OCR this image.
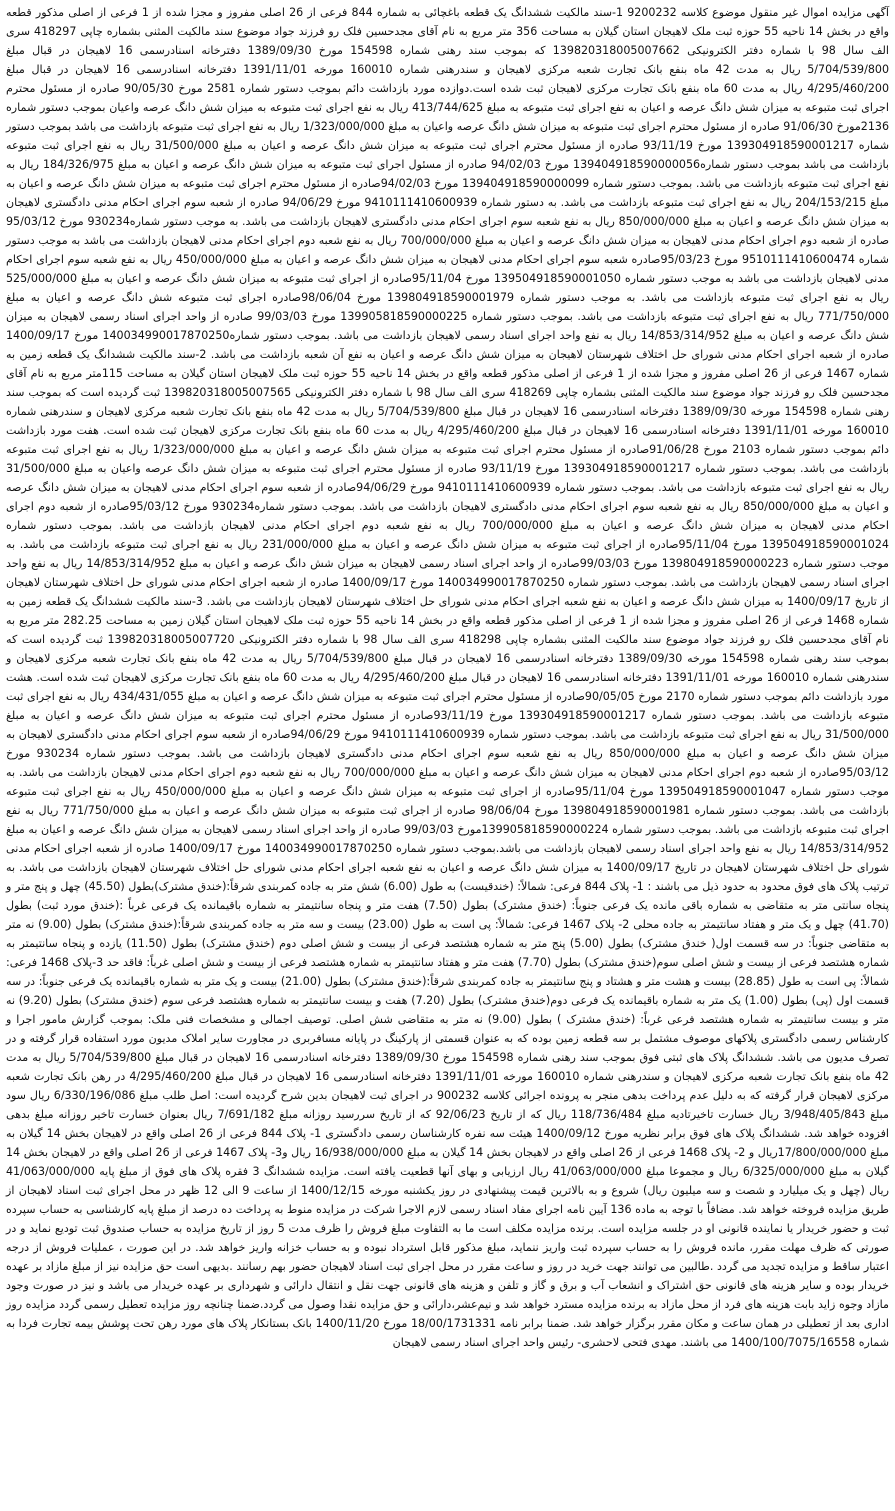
آگهی مزایده اموال غیر منقول موضوع کلاسه 9200232 1-سند مالکیت ششدانگ یک قطعه باغچائی به شماره 844 فرعی از 26 اصلی مفروز و مجزا شده از 1 فرعی از اصلی مذکور قطعه واقع در بخش 14 ناحیه 55 حوزه ثبت ملک لاهیجان استان گیلان به مساحت 356 متر مربع به نام آقای مجدحسین فلک رو فرزند جواد موضوع سند مالکیت المثنی بشماره چاپی 418297 سری الف سال 98 با شماره دفتر الکترونیکی 139820318005007662 که بموجب سند رهنی شماره 154598 مورخ 1389/09/30 دفترخانه اسنادرسمی 16 لاهیجان در قبال مبلغ 5/704/539/800 ریال به مدت 42 ماه بنفع بانک تجارت شعبه مرکزی لاهیجان و سندرهنی شماره 160010 مورخه 1391/11/01 دفترخانه اسنادرسمی 16 لاهیجان در قبال مبلغ 4/295/460/200 ریال به مدت 60 ماه بنفع بانک تجارت مرکزی لاهیجان ثبت شده است.دوازده مورد بازداشت دائم بموجب دستور شماره 2581 مورخ 90/05/30 صادره از مسئول محترم اجرای ثبت متبوعه به میزان شش دانگ عرصه و اعیان به نفع اجرای ثبت متبوعه به مبلغ 413/744/625 ریال به نفع اجرای ثبت متبوعه به میزان شش دانگ عرصه واعیان بموجب دستور شماره 2136مورخ 91/06/30 صادره از مسئول محترم اجرای ثبت متبوعه به میزان شش دانگ عرصه واعیان به مبلغ 1/323/000/000 ریال به نفع اجرای ثبت متبوعه بازداشت می باشد بموجب دستور شماره 139304918590001217 مورخ 93/11/19 صادره از مسئول محترم اجرای ثبت متبوعه به میزان شش دانگ عرصه و اعیان به مبلغ 31/500/000 ریال به نفع اجرای ثبت متبوعه بازداشت می باشد بموجب دستور شماره139404918590000056 مورخ 94/02/03 صادره از مسئول اجرای ثبت متبوعه به میزان شش دانگ عرصه و اعیان به مبلغ 184/326/975 ریال به نفع اجرای ثبت متبوعه بازداشت می باشد. بموجب دستور شماره 139404918590000099 مورخ 94/02/03صادره از مسئول محترم اجرای ثبت متبوعه به میزان شش دانگ عرصه و اعیان به مبلغ 204/153/215 ریال به نفع اجرای ثبت متبوعه بازداشت می باشد. به دستور شماره 9410111410600939 مورخ 94/06/29 صادره از شعبه سوم اجرای احکام مدنی دادگستری لاهیجان به میزان شش دانگ عرصه و اعیان به مبلغ 850/000/000 ریال به نفع شعبه سوم اجرای احکام مدنی دادگستری لاهیجان بازداشت می باشد. به موجب دستور شماره930234 مورخ 95/03/12 صادره از شعبه دوم اجرای احکام مدنی لاهیجان به میزان شش دانگ عرصه و اعیان به مبلغ 700/000/000 ریال به نفع شعبه دوم اجرای احکام مدنی لاهیجان بازداشت می باشد به موجب دستور شماره 9510111410600474 مورخ 95/03/23صادره شعبه سوم اجرای احکام مدنی لاهیجان به میزان شش دانگ عرصه و اعیان به مبلغ 450/000/000 ریال به نفع شعبه سوم اجرای احکام مدنی لاهیجان بازداشت می باشد به موجب دستور شماره 139504918590001050 مورخ 95/11/04صادره از اجرای ثبت متبوعه به میزان شش دانگ عرصه و اعیان به مبلغ 525/000/000 ریال به نفع اجرای ثبت متبوعه بازداشت می باشد. به موجب دستور شماره 139804918590001979 مورخ 98/06/04صادره اجرای ثبت متبوعه شش دانگ عرصه و اعیان به مبلغ 771/750/000 ریال به نفع اجرای ثبت متبوعه بازداشت می باشد. بموجب دستور شماره 139905818590000225 مورخ 99/03/03 صادره از واحد اجرای اسناد رسمی لاهیجان به میزان شش دانگ عرصه و اعیان به مبلغ 14/853/314/952 ریال به نفع واحد اجرای اسناد رسمی لاهیجان بازداشت می باشد. بموجب دستور شماره140034990017870250 مورخ 1400/09/17 صادره از شعبه اجرای احکام مدنی شورای حل اختلاف شهرستان لاهیجان به میزان شش دانگ عرصه و اعیان به نفع آن شعبه بازداشت می باشد. 2-سند مالکیت ششدانگ یک قطعه زمین به شماره 1467 فرعی از 26 اصلی مفروز و مجزا شده از 1 فرعی از اصلی مذکور قطعه واقع در بخش 14 ناحیه 55 حوزه ثبت ملک لاهیجان استان گیلان به مساحت 115متر مربع به نام آقای مجدحسین فلک رو فرزند جواد موضوع سند مالکیت المثنی بشماره چاپی 418269 سری الف سال 98 با شماره دفتر الکترونیکی 139820318005007565 ثبت گردیده است که بموجب سند رهنی شماره 154598 مورخه 1389/09/30 دفترخانه اسنادرسمی 16 لاهیجان در قبال مبلغ 5/704/539/800 ریال به مدت 42 ماه بنفع بانک تجارت شعبه مرکزی لاهیجان و سندرهنی شماره 160010 مورخه 1391/11/01 دفترخانه اسنادرسمی 16 لاهیجان در قبال مبلغ 4/295/460/200 ریال به مدت 60 ماه بنفع بانک تجارت مرکزی لاهیجان ثبت شده است. هفت مورد بازداشت دائم بموجب دستور شماره 2103 مورخ 91/06/28صادره از مسئول محترم اجرای ثبت متبوعه به میزان شش دانگ عرصه و اعیان به مبلغ 1/323/000/000 ریال به نفع اجرای ثبت متبوعه بازداشت می باشد. بموجب دستور شماره 139304918590001217 مورخ 93/11/19 صادره از مسئول محترم اجرای ثبت متبوعه به میزان شش دانگ عرصه واعیان به مبلغ 31/500/000 ریال به نفع اجرای ثبت متبوعه بازداشت می باشد. بموجب دستور شماره 9410111410600939 مورخ 94/06/29صادره از شعبه سوم اجرای احکام مدنی لاهیجان به میزان شش دانگ عرصه و اعیان به مبلغ 850/000/000 ریال به نفع شعبه سوم اجرای احکام مدنی دادگستری لاهیجان بازداشت می باشد. بموجب دستور شماره930234 مورخ 95/03/12صادره از شعبه دوم اجرای احکام مدنی لاهیجان به میزان شش دانگ عرصه و اعیان به مبلغ 700/000/000 ریال به نفع شعبه دوم اجرای احکام مدنی لاهیجان بازداشت می باشد. بموجب دستور شماره 139504918590001024 مورخ 95/11/04صادره از اجرای ثبت متبوعه به میزان شش دانگ عرصه و اعیان به مبلغ 231/000/000 ریال به نفع اجرای ثبت متبوعه بازداشت می باشد. به موجب دستور شماره 139804918590000223 مورخ 99/03/03صادره از واحد اجرای اسناد رسمی لاهیجان به میزان شش دانگ عرصه و اعیان به مبلغ 14/853/314/952 ریال به نفع واحد اجرای اسناد رسمی لاهیجان بازداشت می باشد. بموجب دستور شماره 140034990017870250 مورخ 1400/09/17 صادره از شعبه اجرای احکام مدنی شورای حل اختلاف شهرستان لاهیجان از تاریخ 1400/09/17 به میزان شش دانگ عرصه و اعیان به نفع شعبه اجرای احکام مدنی شورای حل اختلاف شهرستان لاهیجان بازداشت می باشد. 3-سند مالکیت ششدانگ یک قطعه زمین به شماره 1468 فرعی از 26 اصلی مفروز و مجزا شده از 1 فرعی از اصلی مذکور قطعه واقع در بخش 14 ناحیه 55 حوزه ثبت ملک لاهیجان استان گیلان زمین به مساحت 282.25 متر مربع به نام آقای مجدحسین فلک رو فرزند جواد موضوع سند مالکیت المثنی بشماره چاپی 418298 سری الف سال 98 با شماره دفتر الکترونیکی 139820318005007720 ثبت گردیده است که بموجب سند رهنی شماره 154598 مورخه 1389/09/30 دفترخانه اسنادرسمی 16 لاهیجان در قبال مبلغ 5/704/539/800 ریال به مدت 42 ماه بنفع بانک تجارت شعبه مرکزی لاهیجان و سندرهنی شماره 160010 مورخه 1391/11/01 دفترخانه اسنادرسمی 16 لاهیجان در قبال مبلغ 4/295/460/200 ریال به مدت 60 ماه بنفع بانک تجارت مرکزی لاهیجان ثبت شده است. هشت مورد بازداشت دائم بموجب دستور شماره 2170 مورخ 90/05/05صادره از مسئول محترم اجرای ثبت متبوعه به میزان شش دانگ عرصه و اعیان به مبلغ 434/431/055 ریال به نفع اجرای ثبت متبوعه بازداشت می باشد. بموجب دستور شماره 139304918590001217 مورخ 93/11/19صادره از مسئول محترم اجرای ثبت متبوعه به میزان شش دانگ عرصه و اعیان به مبلغ 31/500/000 ریال به نفع اجرای ثبت متبوعه بازداشت می باشد. بموجب دستور شماره 9410111410600939 مورخ 94/06/29صادره از شعبه سوم اجرای احکام مدنی دادگستری لاهیجان به میزان شش دانگ عرصه و اعیان به مبلغ 850/000/000 ریال به نفع شعبه سوم اجرای احکام مدنی دادگستری لاهیجان بازداشت می باشد. بموجب دستور شماره 930234 مورخ 95/03/12صادره از شعبه دوم اجرای احکام مدنی لاهیجان به میزان شش دانگ عرصه و اعیان به مبلغ 700/000/000 ریال به نفع شعبه دوم اجرای احکام مدنی لاهیجان بازداشت می باشد. به موجب دستور شماره 139504918590001047 مورخ 95/11/04صادره از اجرای ثبت متبوعه به میزان شش دانگ عرصه و اعیان به مبلغ 450/000/000 ریال به نفع اجرای ثبت متبوعه بازداشت می باشد. بموجب دستور شماره 139804918590001981 مورخ 98/06/04 صادره از اجرای ثبت متبوعه به میزان شش دانگ عرصه و اعیان به مبلغ 771/750/000 ریال به نفع اجرای ثبت متبوعه بازداشت می باشد. بموجب دستور شماره 139905818590000224مورخ 99/03/03 صادره از واحد اجرای اسناد رسمی لاهیجان به میزان شش دانگ عرصه و اعیان به مبلغ 14/853/314/952 ریال به نفع واحد اجرای اسناد رسمی لاهیجان بازداشت می باشد.بموجب دستور شماره 140034990017870250 مورخ 1400/09/17 صادره از شعبه اجرای احکام مدنی شورای حل اختلاف شهرستان لاهیجان در تاریخ 1400/09/17 به میزان شش دانگ عرصه و اعیان به نفع شعبه اجرای احکام مدنی شورای حل اختلاف شهرستان لاهیجان بازداشت می باشد. به ترتیب پلاک های فوق محدود به حدود ذیل می باشند : 1- پلاک 844 فرعی: شمالاً: (خندقیست) به طول (6.00) شش متر به جاده کمربندی شرقاً:(خندق مشترک)بطول (45.50) چهل و پنج متر و پنجاه سانتی متر به متقاضی به شماره باقی مانده یک فرعی جنوباً: (خندق مشترک) بطول (7.50) هفت متر و پنجاه سانتیمتر به شماره باقیمانده یک فرعی غرباً :(خندق مورد ثبت) بطول (41.70) چهل و یک متر و هفتاد سانتیمتر به جاده محلی 2- پلاک 1467 فرعی: شمالاً: پی است به طول (23.00) بیست و سه متر به جاده کمربندی شرقاً:(خندق مشترک) بطول (9.00) نه متر به متقاضی جنوباً: در سه قسمت اول( خندق مشترک) بطول (5.00) پنج متر به شماره هشتصد فرعی از بیست و شش اصلی دوم (خندق مشترک) بطول (11.50) یازده و پنجاه سانتیمتر به شماره هشتصد فرعی از بیست و شش اصلی سوم(خندق مشترک) بطول (7.70) هفت متر و هفتاد سانتیمتر به شماره هشتصد فرعی از بیست و شش اصلی غرباً: فاقد حد 3-پلاک 1468 فرعی: شمالاً: پی است به طول (28.85) بیست و هشت متر و هشتاد و پنج سانتیمتر به جاده کمربندی شرقاً:(خندق مشترک) بطول (21.00) بیست و یک متر به شماره باقیمانده یک فرعی جنوباً: در سه قسمت اول (پی) بطول (1.00) یک متر به شماره باقیمانده یک فرعی دوم(خندق مشترک) بطول (7.20) هفت و بیست سانتیمتر به شماره هشتصد فرعی سوم (خندق مشترک) بطول (9.20) نه متر و بیست سانتیمتر به شماره هشتصد فرعی غرباً: (خندق مشترک ) بطول (9.00) نه متر به متقاضی شش اصلی. توصیف اجمالی و مشخصات فنی ملک: بموجب گزارش مامور اجرا و کارشناس رسمی دادگستری پلاکهای موصوف مشتمل بر سه قطعه زمین بوده که به عنوان قسمتی از پارکینگ در پایانه مسافربری در مجاورت سایر املاک مدیون مورد استفاده قرار گرفته و در تصرف مدیون می باشد. ششدانگ پلاک های ثبتی فوق بموجب سند رهنی شماره 154598 مورخ 1389/09/30 دفترخانه اسنادرسمی 16 لاهیجان در قبال مبلغ 5/704/539/800 ریال به مدت 42 ماه بنفع بانک تجارت شعبه مرکزی لاهیجان و سندرهنی شماره 160010 مورخه 1391/11/01 دفترخانه اسنادرسمی 16 لاهیجان در قبال مبلغ 4/295/460/200 در رهن بانک تجارت شعبه مرکزی لاهیجان قرار گرفته که به دلیل عدم پرداخت بدهی منجر به پرونده اجرائی کلاسه 900232 در اجرای ثبت لاهیجان بدین شرح گردیده است: اصل طلب مبلغ 6/330/196/086 ریال سود مبلغ 3/948/405/843 ریال خسارت تاخیرتادیه مبلغ 118/736/484 ریال که از تاریخ 92/06/23 که از تاریخ سررسید روزانه مبلغ 7/691/182 ریال بعنوان خسارت تاخیر روزانه مبلغ بدهی افزوده خواهد شد. ششدانگ پلاک های فوق برابر نظریه مورخ 1400/09/12 هیئت سه نفره کارشناسان رسمی دادگستری 1- پلاک 844 فرعی از 26 اصلی واقع در لاهیجان بخش 14 گیلان به مبلغ 17/800/000/000ریال و 2- پلاک 1468 فرعی از 26 اصلی واقع در لاهیجان بخش 14 گیلان به مبلغ 16/938/000/000 ریال و3- پلاک 1467 فرعی از 26 اصلی واقع در لاهیجان بخش 14 گیلان به مبلغ 6/325/000/000 ریال و مجموعا مبلغ 41/063/000/000 ریال ارزیابی و بهای آنها قطعیت یافته است. مزایده ششدانگ 3 فقره پلاک های فوق از مبلغ پایه 41/063/000/000 ریال (چهل و یک میلیارد و شصت و سه میلیون ریال) شروع و به بالاترین قیمت پیشنهادی در روز یکشنبه مورخه 1400/12/15 از ساعت 9 الی 12 ظهر در محل اجرای ثبت اسناد لاهیجان از طریق مزایده فروخته خواهد شد. مضافاً با توجه به ماده 136 آیین نامه اجرای مفاد اسناد رسمی لازم الاجرا شرکت در مزایده منوط به پرداخت ده درصد از مبلغ پایه کارشناسی به حساب سپرده ثبت و حضور خریدار یا نماینده قانونی او در جلسه مزایده است. برنده مزایده مکلف است ما به التفاوت مبلغ فروش را ظرف مدت 5 روز از تاریخ مزایده به حساب صندوق ثبت تودیع نماید و در صورتی که ظرف مهلت مقرر، مانده فروش را به حساب سپرده ثبت واریز ننماید، مبلغ مذکور قابل استرداد نبوده و به حساب خزانه واریز خواهد شد. در این صورت ، عملیات فروش از درجه اعتبار ساقط و مزایده تجدید می گردد .طالبین می توانند جهت خرید در روز و ساعت مقرر در محل اجرای ثبت اسناد لاهیجان حضور بهم رسانند .بدیهی است حق مزایده نیز از مبلغ مازاد بر عهده خریدار بوده و سایر هزینه های قانونی حق اشتراک و انشعاب آب و برق و گاز و تلفن و هزینه های قانونی جهت نقل و انتقال دارائی و شهرداری بر عهده خریدار می باشد و نیز در صورت وجود مازاد وجوه زاید بابت هزینه های فرد از محل مازاد به برنده مزایده مسترد خواهد شد و نیم‌عشر،دارائی و حق مزایده نقدا وصول می گردد.ضمنا چنانچه روز مزایده تعطیل رسمی گردد مزایده روز اداری بعد از تعطیلی در همان ساعت و مکان مقرر برگزار خواهد شد. ضمنا برابر نامه 18/00/1731331 مورخ 1400/11/20 بانک بستانکار پلاک های مورد رهن تحت پوشش بیمه تجارت فردا به شماره 1400/100/7075/16558 می باشند. مهدی فتحی لاحشری- رئیس واحد اجرای اسناد رسمی لاهیجان
